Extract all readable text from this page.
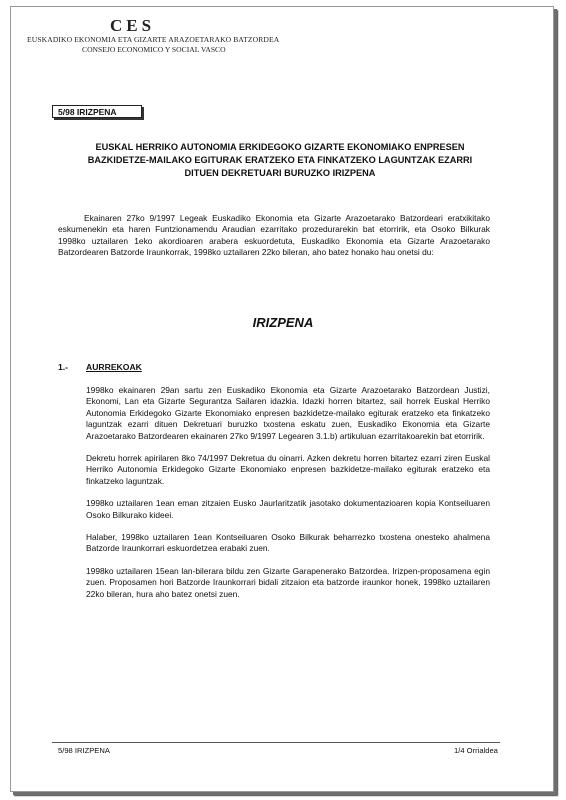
CES
EUSKADIKO EKONOMIA ETA GIZARTE ARAZOETARAKO BATZORDEA
CONSEJO ECONOMICO Y SOCIAL VASCO
5/98 IRIZPENA
EUSKAL HERRIKO AUTONOMIA ERKIDEGOKO GIZARTE EKONOMIAKO ENPRESEN
BAZKIDETZE-MAILAKO EGITURAK ERATZEKO ETA FINKATZEKO LAGUNTZAK EZARRI
DITUEN DEKRETUARI BURUZKO IRIZPENA
Ekainaren 27ko 9/1997 Legeak Euskadiko Ekonomia eta Gizarte Arazoetarako Batzordeari eratxikitako eskumenekin eta haren Funtzionamendu Araudian ezarritako prozedurarekin bat etorririk, eta Osoko Bilkurak 1998ko uztailaren 1eko akordioaren arabera eskuordetuta, Euskadiko Ekonomia eta Gizarte Arazoetarako Batzordearen Batzorde Iraunkorrak, 1998ko uztailaren 22ko bileran, aho batez honako hau onetsi du:
IRIZPENA
1.- AURREKOAK

1998ko ekainaren 29an sartu zen Euskadiko Ekonomia eta Gizarte Arazoetarako Batzordean Justizi, Ekonomi, Lan eta Gizarte Segurantza Sailaren idazkia. Idazki horren bitartez, sail horrek Euskal Herriko Autonomia Erkidegoko Gizarte Ekonomiako enpresen bazkidetze-mailako egiturak eratzeko eta finkatzeko laguntzak ezarri dituen Dekretuari buruzko txostena eskatu zuen, Euskadiko Ekonomia eta Gizarte Arazoetarako Batzordearen ekainaren 27ko 9/1997 Legearen 3.1.b) artikuluan ezarritakoarekin bat etorririk.

Dekretu horrek apirilaren 8ko 74/1997 Dekretua du oinarri. Azken dekretu horren bitartez ezarri ziren Euskal Herriko Autonomia Erkidegoko Gizarte Ekonomiako enpresen bazkidetze-mailako egiturak eratzeko eta finkatzeko laguntzak.

1998ko uztailaren 1ean eman zitzaien Eusko Jaurlaritzatik jasotako dokumentazioaren kopia Kontseiluaren Osoko Bilkurako kideei.

Halaber, 1998ko uztailaren 1ean Kontseiluaren Osoko Bilkurak beharrezko txostena onesteko ahalmena Batzorde Iraunkorrari eskuordetzea erabaki zuen.

1998ko uztailaren 15ean lan-bilerara bildu zen Gizarte Garapenerako Batzordea. Irizpen-proposamena egin zuen. Proposamen hori Batzorde Iraunkorrari bidali zitzaion eta batzorde iraunkor honek, 1998ko uztailaren 22ko bileran, hura aho batez onetsi zuen.

5/98 IRIZPENA	1/4 Orrialdea
